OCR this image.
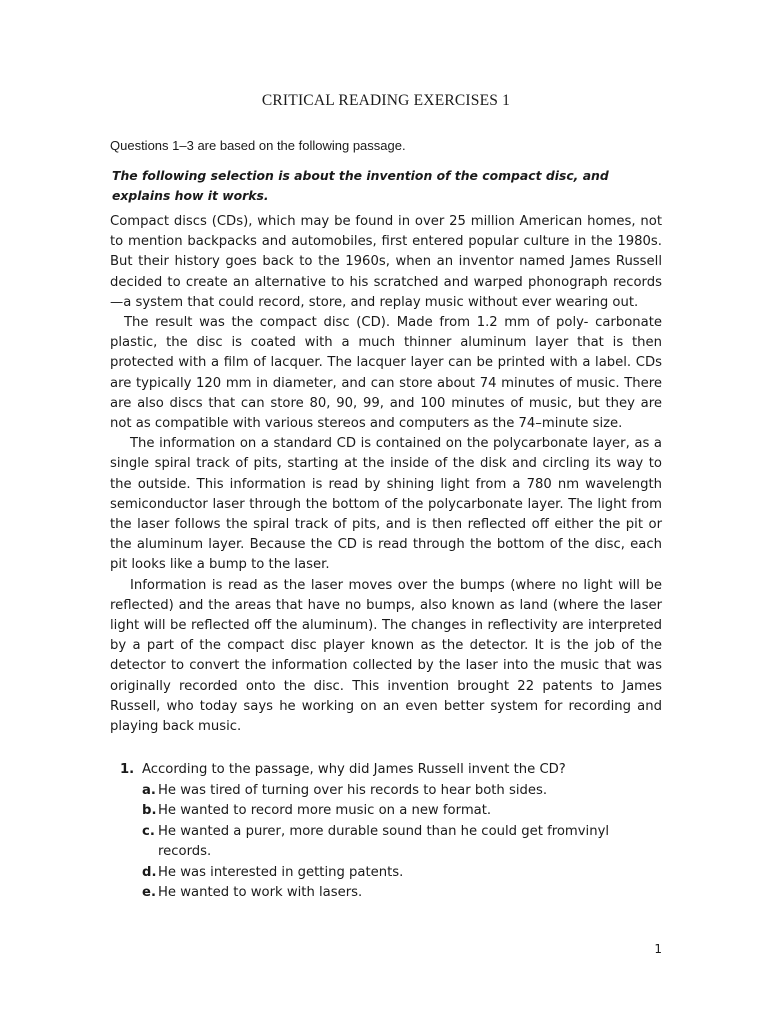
CRITICAL READING EXERCISES 1
Questions 1–3 are based on the following passage.
The following selection is about the invention of the compact disc, and explains how it works.

Compact discs (CDs), which may be found in over 25 million American homes, not to mention backpacks and automobiles, first entered popular culture in the 1980s. But their history goes back to the 1960s, when an inventor named James Russell decided to create an alternative to his scratched and warped phonograph records —a system that could record, store, and replay music without ever wearing out.

The result was the compact disc (CD). Made from 1.2 mm of poly- carbonate plastic, the disc is coated with a much thinner aluminum layer that is then protected with a film of lacquer. The lacquer layer can be printed with a label. CDs are typically 120 mm in diameter, and can store about 74 minutes of music. There are also discs that can store 80, 90, 99, and 100 minutes of music, but they are not as compatible with various stereos and computers as the 74–minute size.

The information on a standard CD is contained on the polycarbonate layer, as a single spiral track of pits, starting at the inside of the disk and circling its way to the outside. This information is read by shining light from a 780 nm wavelength semiconductor laser through the bottom of the polycarbonate layer. The light from the laser follows the spiral track of pits, and is then reflected off either the pit or the aluminum layer. Because the CD is read through the bottom of the disc, each pit looks like a bump to the laser.

Information is read as the laser moves over the bumps (where no light will be reflected) and the areas that have no bumps, also known as land (where the laser light will be reflected off the aluminum). The changes in reflectivity are interpreted by a part of the compact disc player known as the detector. It is the job of the detector to convert the information collected by the laser into the music that was originally recorded onto the disc. This invention brought 22 patents to James Russell, who today says he working on an even better system for recording and playing back music.

1. According to the passage, why did James Russell invent the CD?
a. He was tired of turning over his records to hear both sides.
b. He wanted to record more music on a new format.
c. He wanted a purer, more durable sound than he could get fromvinyl records.
d. He was interested in getting patents.
e. He wanted to work with lasers.
1
